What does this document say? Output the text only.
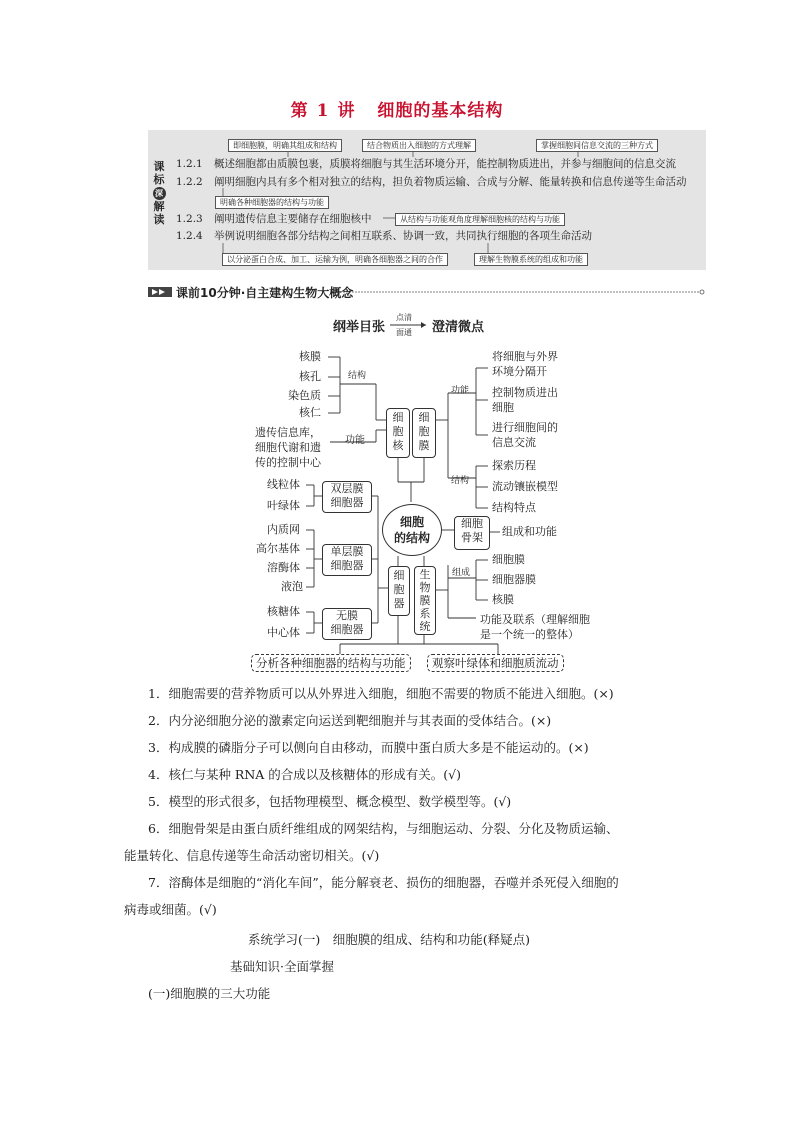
第 1 讲 细胞的基本结构
即细胞膜，明确其组成和结构	结合物质出入细胞的方式理解	掌握细胞间信息交流的三种方式
课
标
深
解
读
1.2.1 概述细胞都由质膜包裹，质膜将细胞与其生活环境分开，能控制物质进出，并参与细胞间的信息交流
1.2.2 阐明细胞内具有多个相对独立的结构，担负着物质运输、合成与分解、能量转换和信息传递等生命活动
明确各种细胞器的结构与功能
1.2.3 阐明遗传信息主要储存在细胞核中	从结构与功能观角度理解细胞核的结构与功能
1.2.4 举例说明细胞各部分结构之间相互联系、协调一致，共同执行细胞的各项生命活动
以分泌蛋白合成、加工、运输为例，明确各细胞器之间的合作	理解生物膜系统的组成和功能
课前10分钟·自主建构生物大概念
纲举目张
点清
面通 澄清微点
核膜
核孔
染色质
核仁
结构
遗传信息库，
细胞代谢和遗
传的控制中心
功能
细
胞
核
细
胞
膜
功能
将细胞与外界
环境分隔开
控制物质进出
细胞
进行细胞间的
信息交流
结构
探索历程
流动镶嵌模型
结构特点
线粒体
叶绿体
双层膜
细胞器
内质网
高尔基体
溶酶体
液泡
单层膜
细胞器
核糖体
中心体
无膜
细胞器
细胞
的结构
细胞
骨架	组成和功能
细
胞
器
生
物
膜
系
统
组成
细胞膜
细胞器膜
核膜
功能及联系（理解细胞
是一个统一的整体）
分析各种细胞器的结构与功能	观察叶绿体和细胞质流动
1．细胞需要的营养物质可以从外界进入细胞，细胞不需要的物质不能进入细胞。(×)
2．内分泌细胞分泌的激素定向运送到靶细胞并与其表面的受体结合。(×)
3．构成膜的磷脂分子可以侧向自由移动，而膜中蛋白质大多是不能运动的。(×)
4．核仁与某种 RNA 的合成以及核糖体的形成有关。(√)
5．模型的形式很多，包括物理模型、概念模型、数学模型等。(√)
6．细胞骨架是由蛋白质纤维组成的网架结构，与细胞运动、分裂、分化及物质运输、
能量转化、信息传递等生命活动密切相关。(√)
7．溶酶体是细胞的“消化车间”，能分解衰老、损伤的细胞器，吞噬并杀死侵入细胞的
病毒或细菌。(√)
系统学习(一)　细胞膜的组成、结构和功能(释疑点)
基础知识·全面掌握
(一)细胞膜的三大功能
